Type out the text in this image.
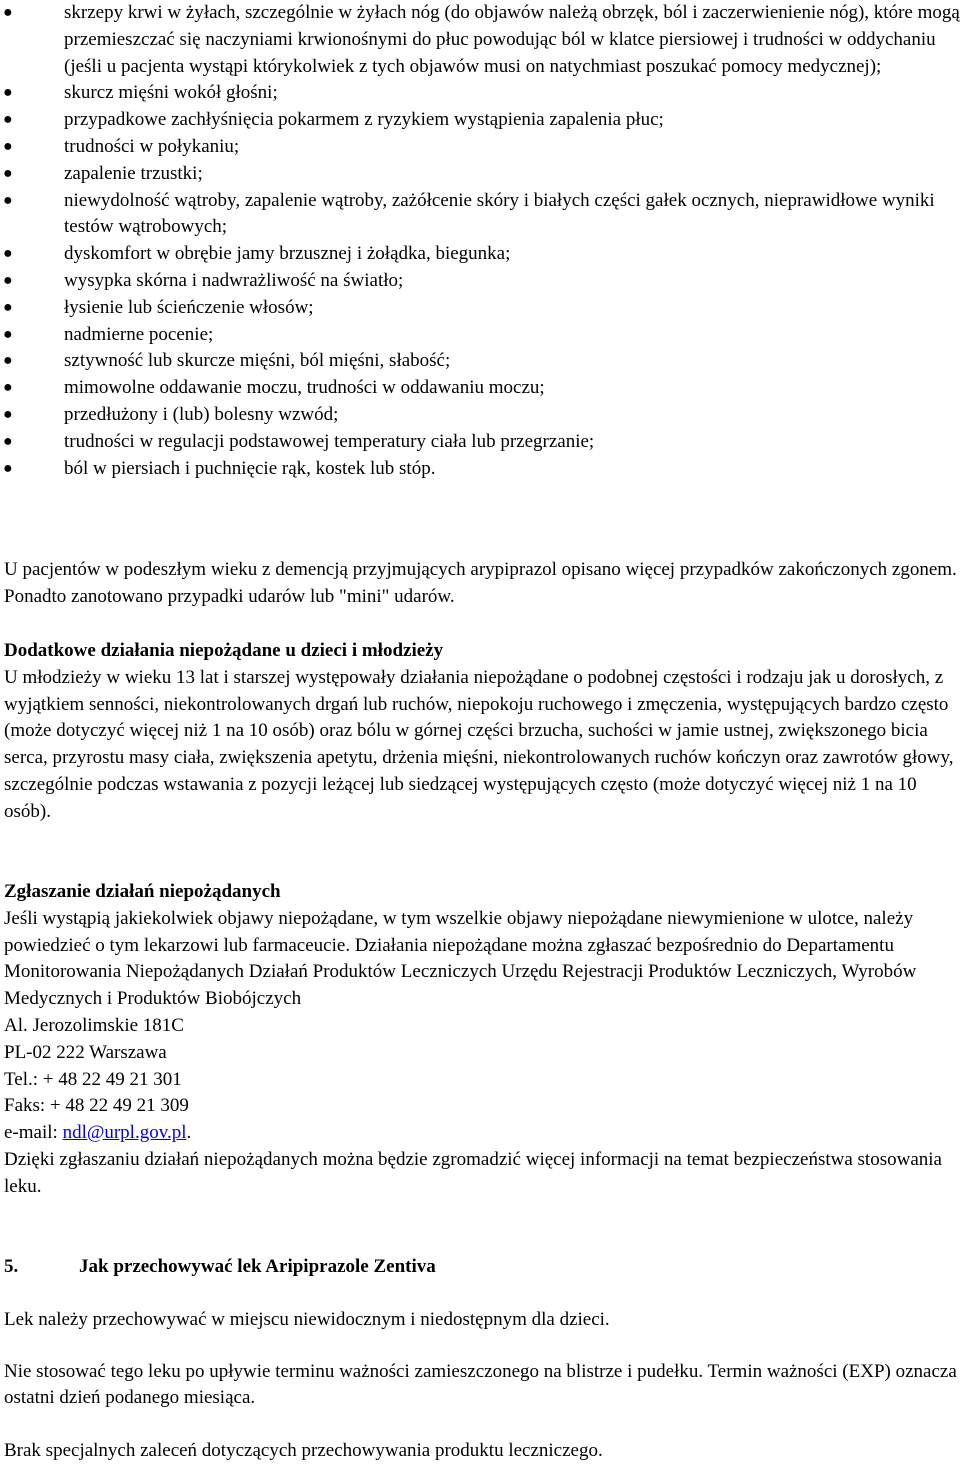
●	skrzepy krwi w żyłach, szczególnie w żyłach nóg (do objawów należą obrzęk, ból i zaczerwienienie nóg), które mogą przemieszczać się naczyniami krwionośnymi do płuc powodując ból w klatce piersiowej i trudności w oddychaniu (jeśli u pacjenta wystąpi którykolwiek z tych objawów musi on natychmiast poszukać pomocy medycznej);
●	skurcz mięśni wokół głośni;
●	przypadkowe zachłyśnięcia pokarmem z ryzykiem wystąpienia zapalenia płuc;
●	trudności w połykaniu;
●	zapalenie trzustki;
●	niewydolność wątroby, zapalenie wątroby, zażółcenie skóry i białych części gałek ocznych, nieprawidłowe wyniki testów wątrobowych;
●	dyskomfort w obrębie jamy brzusznej i żołądka, biegunka;
●	wysypka skórna i nadwrażliwość na światło;
●	łysienie lub ścieńczenie włosów;
●	nadmierne pocenie;
●	sztywność lub skurcze mięśni, ból mięśni, słabość;
●	mimowolne oddawanie moczu, trudności w oddawaniu moczu;
●	przedłużony i (lub) bolesny wzwód;
●	trudności w regulacji podstawowej temperatury ciała lub przegrzanie;
●	ból w piersiach i puchnięcie rąk, kostek lub stóp.

U pacjentów w podeszłym wieku z demencją przyjmujących arypiprazol opisano więcej przypadków zakończonych zgonem. Ponadto zanotowano przypadki udarów lub "mini" udarów.

Dodatkowe działania niepożądane u dzieci i młodzieży

U młodzieży w wieku 13 lat i starszej występowały działania niepożądane o podobnej częstości i rodzaju jak u dorosłych, z wyjątkiem senności, niekontrolowanych drgań lub ruchów, niepokoju ruchowego i zmęczenia, występujących bardzo często (może dotyczyć więcej niż 1 na 10 osób) oraz bólu w górnej części brzucha, suchości w jamie ustnej, zwiększonego bicia serca, przyrostu masy ciała, zwiększenia apetytu, drżenia mięśni, niekontrolowanych ruchów kończyn oraz zawrotów głowy, szczególnie podczas wstawania z pozycji leżącej lub siedzącej występujących często (może dotyczyć więcej niż 1 na 10 osób).

Zgłaszanie działań niepożądanych

Jeśli wystąpią jakiekolwiek objawy niepożądane, w tym wszelkie objawy niepożądane niewymienione w ulotce, należy powiedzieć o tym lekarzowi lub farmaceucie. Działania niepożądane można zgłaszać bezpośrednio do Departamentu Monitorowania Niepożądanych Działań Produktów Leczniczych Urzędu Rejestracji Produktów Leczniczych, Wyrobów Medycznych i Produktów Biobójczych

Al. Jerozolimskie 181C

PL-02 222 Warszawa

Tel.: + 48 22 49 21 301

Faks: + 48 22 49 21 309

e-mail: ndl@urpl.gov.pl.

Dzięki zgłaszaniu działań niepożądanych można będzie zgromadzić więcej informacji na temat bezpieczeństwa stosowania leku.

5.	Jak przechowywać lek Aripiprazole Zentiva

Lek należy przechowywać w miejscu niewidocznym i niedostępnym dla dzieci.

Nie stosować tego leku po upływie terminu ważności zamieszczonego na blistrze i pudełku. Termin ważności (EXP) oznacza ostatni dzień podanego miesiąca.

Brak specjalnych zaleceń dotyczących przechowywania produktu leczniczego.
